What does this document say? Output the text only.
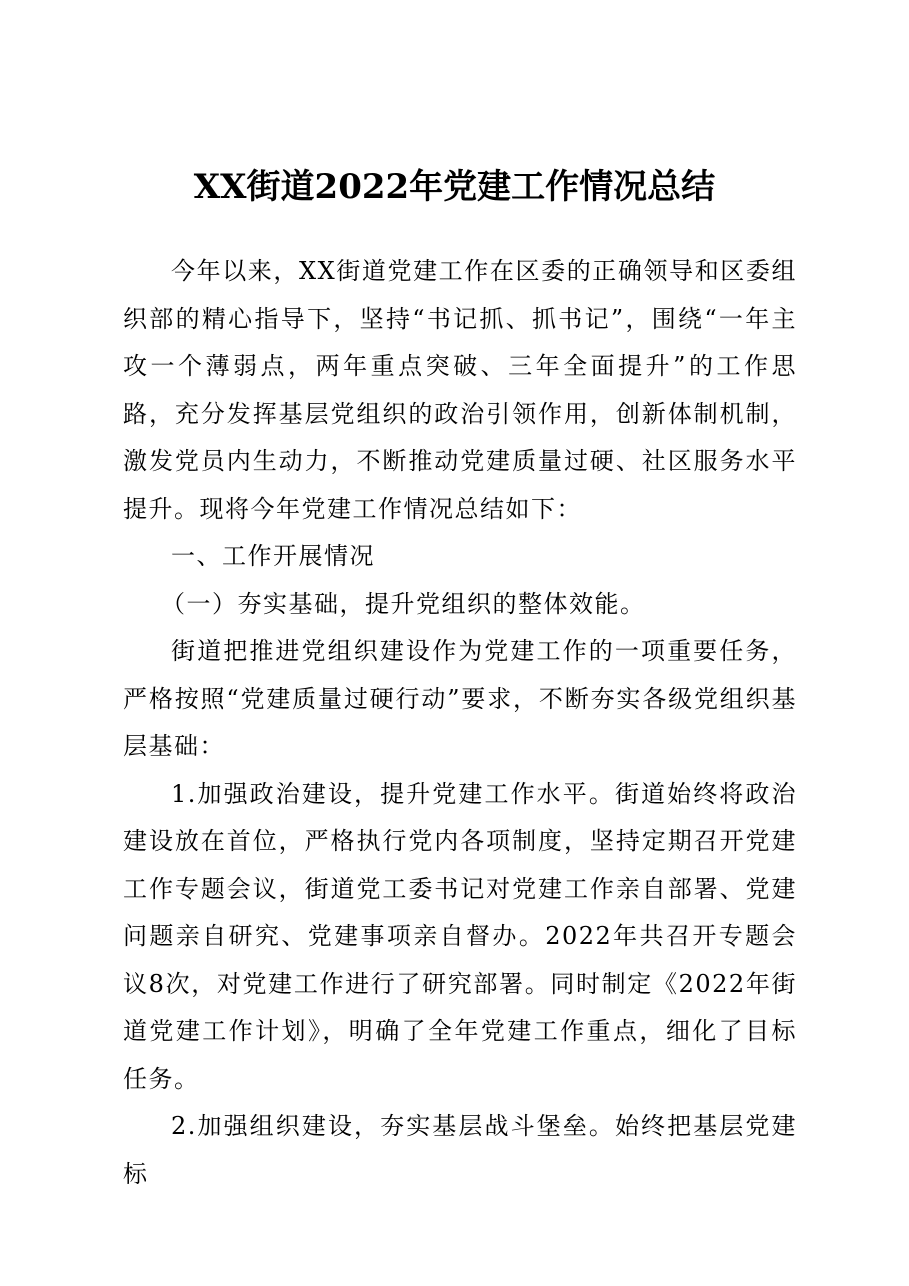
XX街道2022年党建工作情况总结

今年以来，XX街道党建工作在区委的正确领导和区委组织部的精心指导下，坚持“书记抓、抓书记”，围绕“一年主攻一个薄弱点，两年重点突破、三年全面提升”的工作思路，充分发挥基层党组织的政治引领作用，创新体制机制，激发党员内生动力，不断推动党建质量过硬、社区服务水平提升。现将今年党建工作情况总结如下：

一、工作开展情况

（一）夯实基础，提升党组织的整体效能。

街道把推进党组织建设作为党建工作的一项重要任务，严格按照“党建质量过硬行动”要求，不断夯实各级党组织基层基础：

1.加强政治建设，提升党建工作水平。街道始终将政治建设放在首位，严格执行党内各项制度，坚持定期召开党建工作专题会议，街道党工委书记对党建工作亲自部署、党建问题亲自研究、党建事项亲自督办。2022年共召开专题会议8次，对党建工作进行了研究部署。同时制定《2022年街道党建工作计划》，明确了全年党建工作重点，细化了目标任务。

2.加强组织建设，夯实基层战斗堡垒。始终把基层党建标
